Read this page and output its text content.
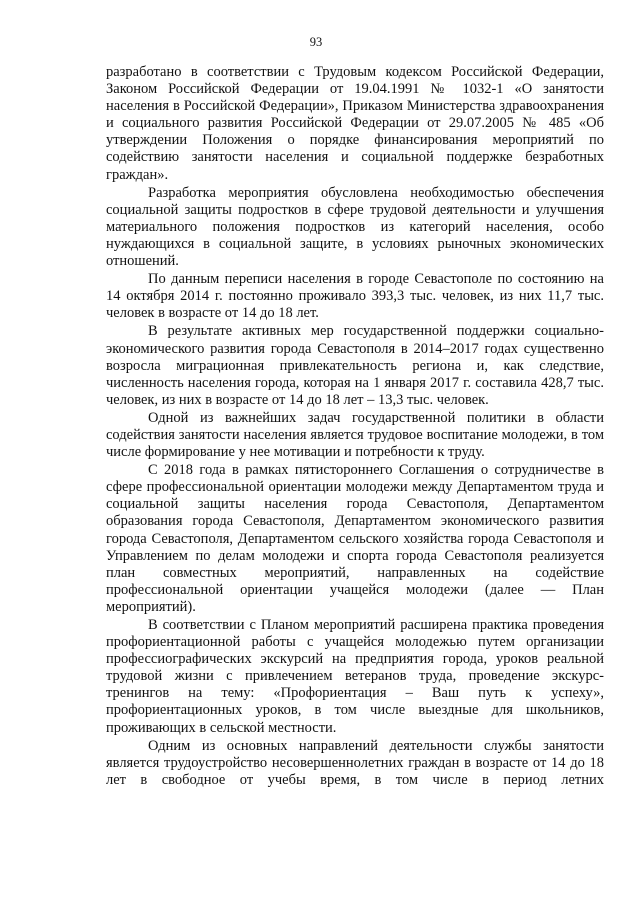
93

разработано в соответствии с Трудовым кодексом Российской Федерации, Законом Российской Федерации от 19.04.1991 № 1032-1 «О занятости населения в Российской Федерации», Приказом Министерства здравоохранения и социального развития Российской Федерации от 29.07.2005 № 485 «Об утверждении Положения о порядке финансирования мероприятий по содействию занятости населения и социальной поддержке безработных граждан».

Разработка мероприятия обусловлена необходимостью обеспечения социальной защиты подростков в сфере трудовой деятельности и улучшения материального положения подростков из категорий населения, особо нуждающихся в социальной защите, в условиях рыночных экономических отношений.

По данным переписи населения в городе Севастополе по состоянию на 14 октября 2014 г. постоянно проживало 393,3 тыс. человек, из них 11,7 тыс. человек в возрасте от 14 до 18 лет.

В результате активных мер государственной поддержки социально-экономического развития города Севастополя в 2014–2017 годах существенно возросла миграционная привлекательность региона и, как следствие, численность населения города, которая на 1 января 2017 г. составила 428,7 тыс. человек, из них в возрасте от 14 до 18 лет – 13,3 тыс. человек.

Одной из важнейших задач государственной политики в области содействия занятости населения является трудовое воспитание молодежи, в том числе формирование у нее мотивации и потребности к труду.

С 2018 года в рамках пятистороннего Соглашения о сотрудничестве в сфере профессиональной ориентации молодежи между Департаментом труда и социальной защиты населения города Севастополя, Департаментом образования города Севастополя, Департаментом экономического развития города Севастополя, Департаментом сельского хозяйства города Севастополя и Управлением по делам молодежи и спорта города Севастополя реализуется план совместных мероприятий, направленных на содействие профессиональной ориентации учащейся молодежи (далее — План мероприятий).

В соответствии с Планом мероприятий расширена практика проведения профориентационной работы с учащейся молодежью путем организации профессиографических экскурсий на предприятия города, уроков реальной трудовой жизни с привлечением ветеранов труда, проведение экскурс-тренингов на тему: «Профориентация – Ваш путь к успеху», профориентационных уроков, в том числе выездные для школьников, проживающих в сельской местности.

Одним из основных направлений деятельности службы занятости является трудоустройство несовершеннолетних граждан в возрасте от 14 до 18 лет в свободное от учебы время, в том числе в период летних
